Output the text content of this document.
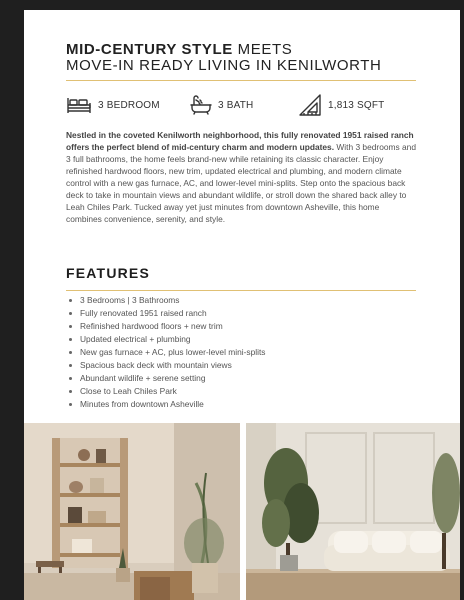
MID-CENTURY STYLE MEETS
MOVE-IN READY LIVING IN KENILWORTH
3 BEDROOM	3 BATH	1,813 SQFT
Nestled in the coveted Kenilworth neighborhood, this fully renovated 1951 raised ranch offers the perfect blend of mid-century charm and modern updates. With 3 bedrooms and 3 full bathrooms, the home feels brand-new while retaining its classic character. Enjoy refinished hardwood floors, new trim, updated electrical and plumbing, and modern climate control with a new gas furnace, AC, and lower-level mini-splits. Step onto the spacious back deck to take in mountain views and abundant wildlife, or stroll down the shared back alley to Leah Chiles Park. Tucked away yet just minutes from downtown Asheville, this home combines convenience, serenity, and style.
FEATURES
3 Bedrooms | 3 Bathrooms
Fully renovated 1951 raised ranch
Refinished hardwood floors + new trim
Updated electrical + plumbing
New gas furnace + AC, plus lower-level mini-splits
Spacious back deck with mountain views
Abundant wildlife + serene setting
Close to Leah Chiles Park
Minutes from downtown Asheville
